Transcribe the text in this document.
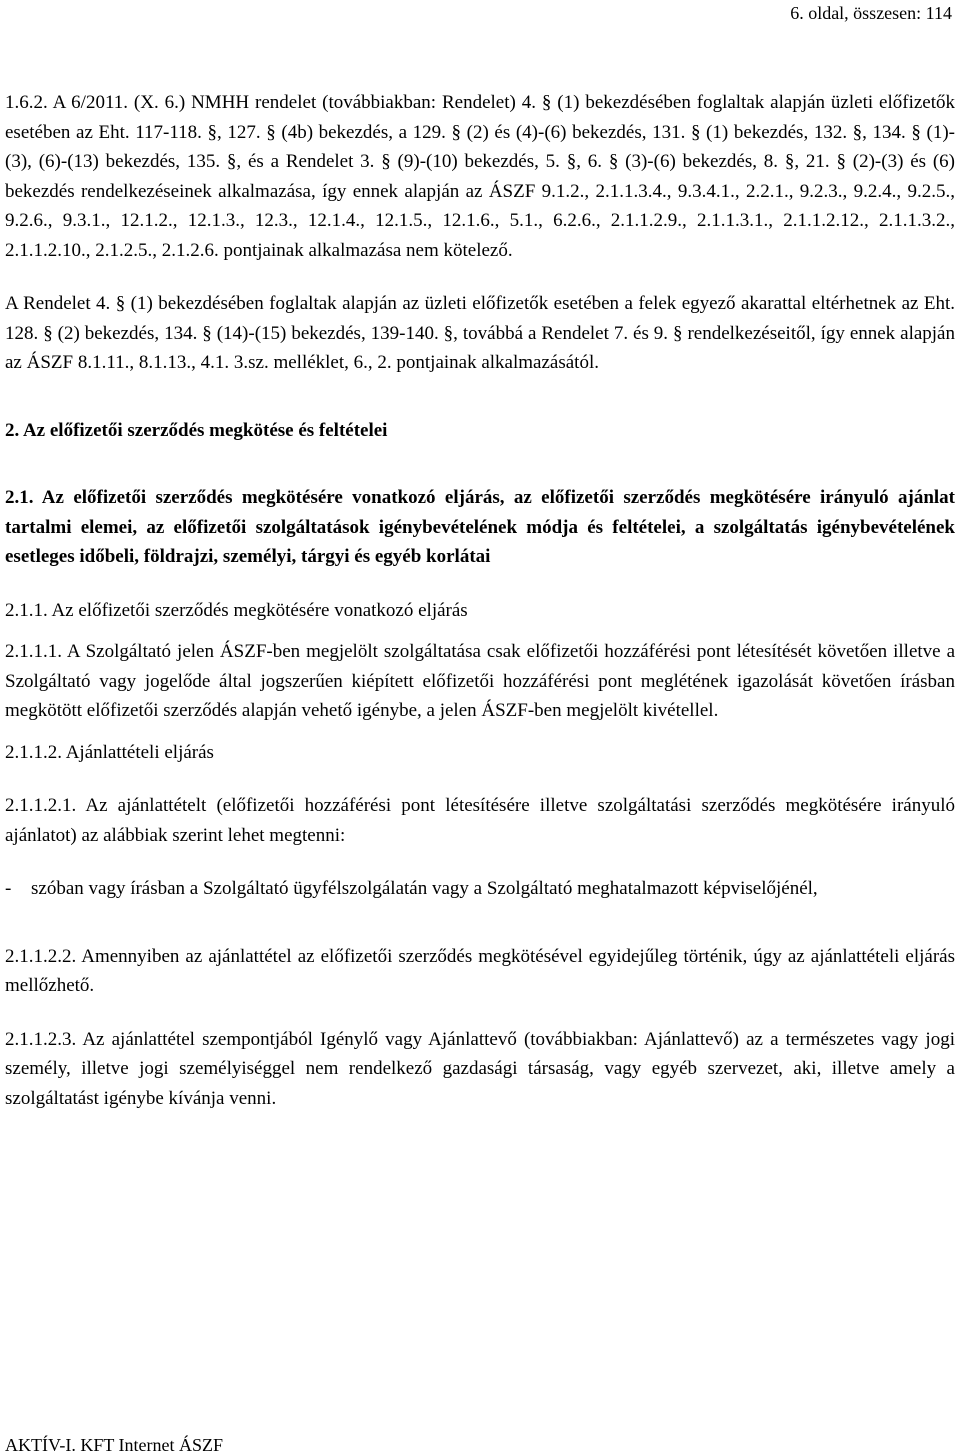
6. oldal, összesen: 114

1.6.2. A 6/2011. (X. 6.) NMHH rendelet (továbbiakban: Rendelet) 4. § (1) bekezdésében foglaltak alapján üzleti előfizetők esetében az Eht. 117-118. §, 127. § (4b) bekezdés, a 129. § (2) és (4)-(6) bekezdés, 131. § (1) bekezdés, 132. §, 134. § (1)-(3), (6)-(13) bekezdés, 135. §, és a Rendelet 3. § (9)-(10) bekezdés, 5. §, 6. § (3)-(6) bekezdés, 8. §, 21. § (2)-(3) és (6) bekezdés rendelkezéseinek alkalmazása, így ennek alapján az ÁSZF 9.1.2., 2.1.1.3.4., 9.3.4.1., 2.2.1., 9.2.3., 9.2.4., 9.2.5., 9.2.6., 9.3.1., 12.1.2., 12.1.3., 12.3., 12.1.4., 12.1.5., 12.1.6., 5.1., 6.2.6., 2.1.1.2.9., 2.1.1.3.1., 2.1.1.2.12., 2.1.1.3.2., 2.1.1.2.10., 2.1.2.5., 2.1.2.6. pontjainak alkalmazása nem kötelező.

A Rendelet 4. § (1) bekezdésében foglaltak alapján az üzleti előfizetők esetében a felek egyező akarattal eltérhetnek az Eht. 128. § (2) bekezdés, 134. § (14)-(15) bekezdés, 139-140. §, továbbá a Rendelet 7. és 9. § rendelkezéseitől, így ennek alapján az ÁSZF 8.1.11., 8.1.13., 4.1. 3.sz. melléklet, 6., 2. pontjainak alkalmazásától.

2. Az előfizetői szerződés megkötése és feltételei

2.1. Az előfizetői szerződés megkötésére vonatkozó eljárás, az előfizetői szerződés megkötésére irányuló ajánlat tartalmi elemei, az előfizetői szolgáltatások igénybevételének módja és feltételei, a szolgáltatás igénybevételének esetleges időbeli, földrajzi, személyi, tárgyi és egyéb korlátai

2.1.1. Az előfizetői szerződés megkötésére vonatkozó eljárás

2.1.1.1. A Szolgáltató jelen ÁSZF-ben megjelölt szolgáltatása csak előfizetői hozzáférési pont létesítését követően illetve a Szolgáltató vagy jogelőde által jogszerűen kiépített előfizetői hozzáférési pont meglétének igazolását követően írásban megkötött előfizetői szerződés alapján vehető igénybe, a jelen ÁSZF-ben megjelölt kivétellel.

2.1.1.2. Ajánlattételi eljárás

2.1.1.2.1. Az ajánlattételt (előfizetői hozzáférési pont létesítésére illetve szolgáltatási szerződés megkötésére irányuló ajánlatot) az alábbiak szerint lehet megtenni:

- szóban vagy írásban a Szolgáltató ügyfélszolgálatán vagy a Szolgáltató meghatalmazott képviselőjénél,

2.1.1.2.2. Amennyiben az ajánlattétel az előfizetői szerződés megkötésével egyidejűleg történik, úgy az ajánlattételi eljárás mellőzhető.

2.1.1.2.3. Az ajánlattétel szempontjából Igénylő vagy Ajánlattevő (továbbiakban: Ajánlattevő) az a természetes vagy jogi személy, illetve jogi személyiséggel nem rendelkező gazdasági társaság, vagy egyéb szervezet, aki, illetve amely a szolgáltatást igénybe kívánja venni.

AKTÍV-I. KFT Internet ÁSZF
